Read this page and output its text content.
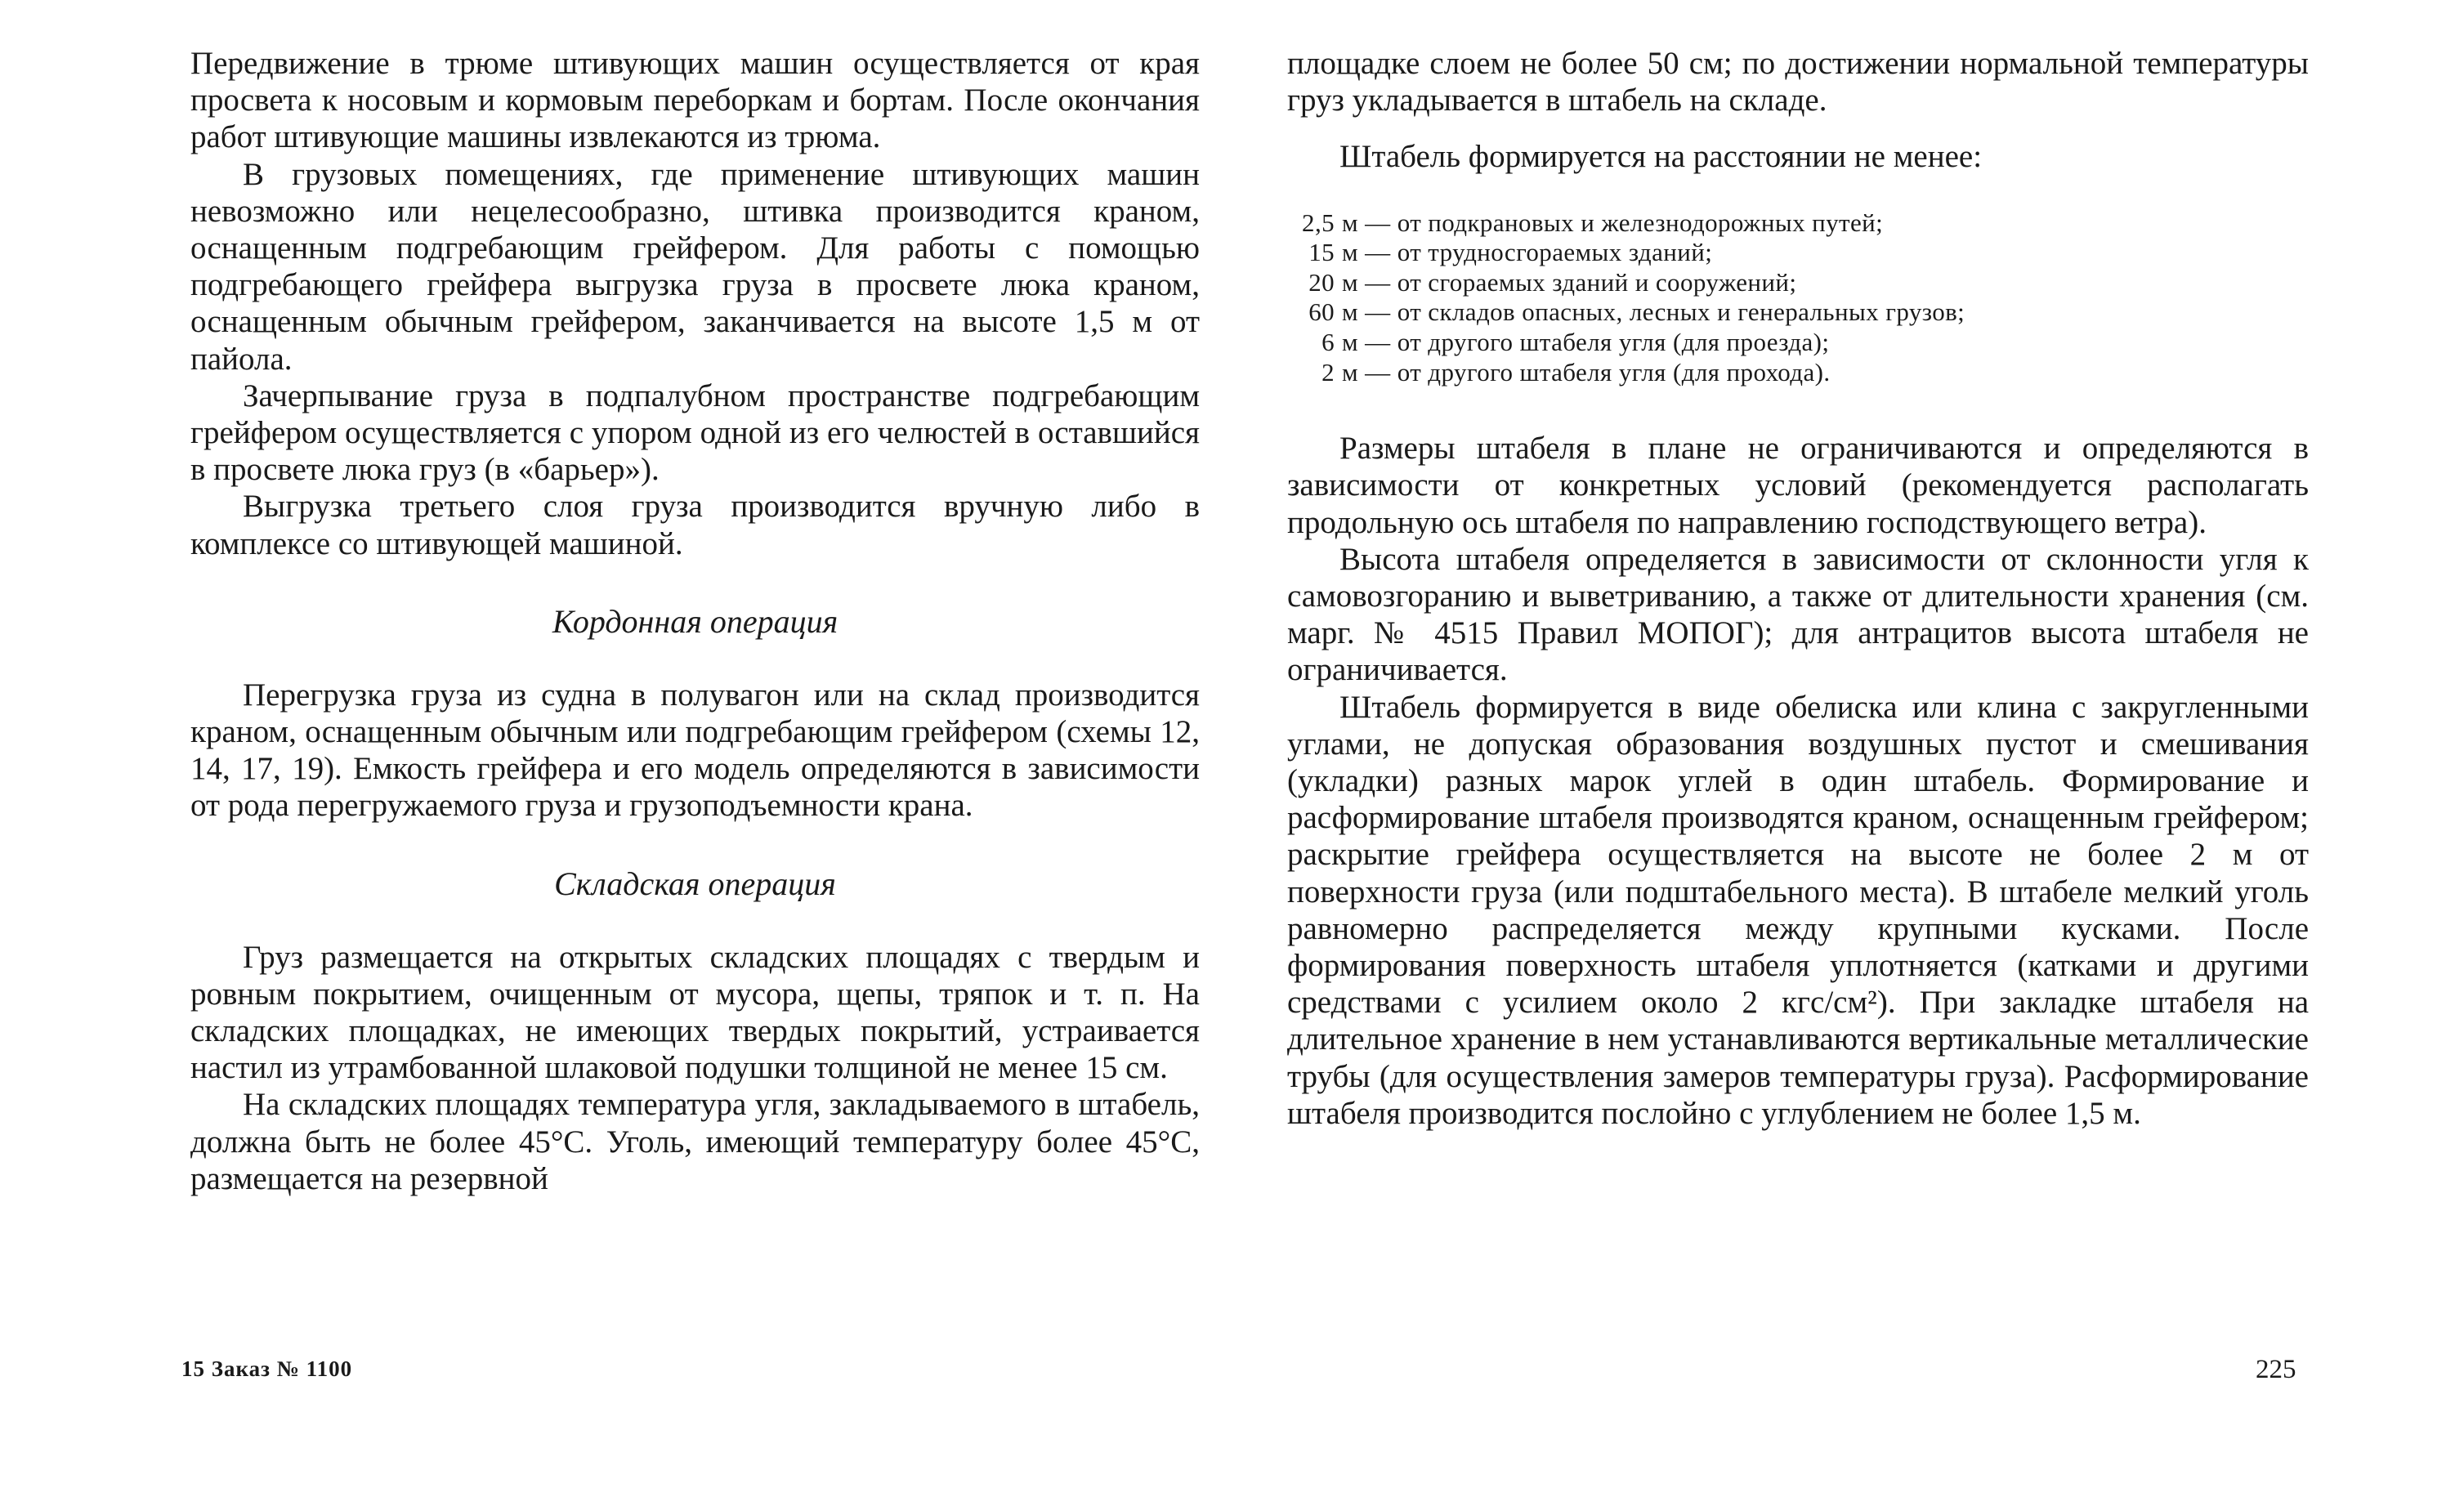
Передвижение в трюме штивующих машин осуществляется от края просвета к носовым и кормовым переборкам и бортам. После окончания работ штивующие машины извлекаются из трюма.

В грузовых помещениях, где применение штивующих машин невозможно или нецелесообразно, штивка производится краном, оснащенным подгребающим грейфером. Для работы с помощью подгребающего грейфера выгрузка груза в просвете люка краном, оснащенным обычным грейфером, заканчивается на высоте 1,5 м от пайола.

Зачерпывание груза в подпалубном пространстве подгребающим грейфером осуществляется с упором одной из его челюстей в оставшийся в просвете люка груз (в «барьер»).

Выгрузка третьего слоя груза производится вручную либо в комплексе со штивующей машиной.

Кордонная операция

Перегрузка груза из судна в полувагон или на склад производится краном, оснащенным обычным или подгребающим грейфером (схемы 12, 14, 17, 19). Емкость грейфера и его модель определяются в зависимости от рода перегружаемого груза и грузоподъемности крана.

Складская операция

Груз размещается на открытых складских площадях с твердым и ровным покрытием, очищенным от мусора, щепы, тряпок и т. п. На складских площадках, не имеющих твердых покрытий, устраивается настил из утрамбованной шлаковой подушки толщиной не менее 15 см.

На складских площадях температура угля, закладываемого в штабель, должна быть не более 45°С. Уголь, имеющий температуру более 45°С, размещается на резервной

площадке слоем не более 50 см; по достижении нормальной температуры груз укладывается в штабель на складе.

Штабель формируется на расстоянии не менее:

2,5 м — от подкрановых и железнодорожных путей;
15 м — от трудносгораемых зданий;
20 м — от сгораемых зданий и сооружений;
60 м — от складов опасных, лесных и генеральных грузов;
6 м — от другого штабеля угля (для проезда);
2 м — от другого штабеля угля (для прохода).

Размеры штабеля в плане не ограничиваются и определяются в зависимости от конкретных условий (рекомендуется располагать продольную ось штабеля по направлению господствующего ветра).

Высота штабеля определяется в зависимости от склонности угля к самовозгоранию и выветриванию, а также от длительности хранения (см. марг. № 4515 Правил МОПОГ); для антрацитов высота штабеля не ограничивается.

Штабель формируется в виде обелиска или клина с закругленными углами, не допуская образования воздушных пустот и смешивания (укладки) разных марок углей в один штабель. Формирование и расформирование штабеля производятся краном, оснащенным грейфером; раскрытие грейфера осуществляется на высоте не более 2 м от поверхности груза (или подштабельного места). В штабеле мелкий уголь равномерно распределяется между крупными кусками. После формирования поверхность штабеля уплотняется (катками и другими средствами с усилием около 2 кгс/см²). При закладке штабеля на длительное хранение в нем устанавливаются вертикальные металлические трубы (для осуществления замеров температуры груза). Расформирование штабеля производится послойно с углублением не более 1,5 м.

15 Заказ № 1100	225
